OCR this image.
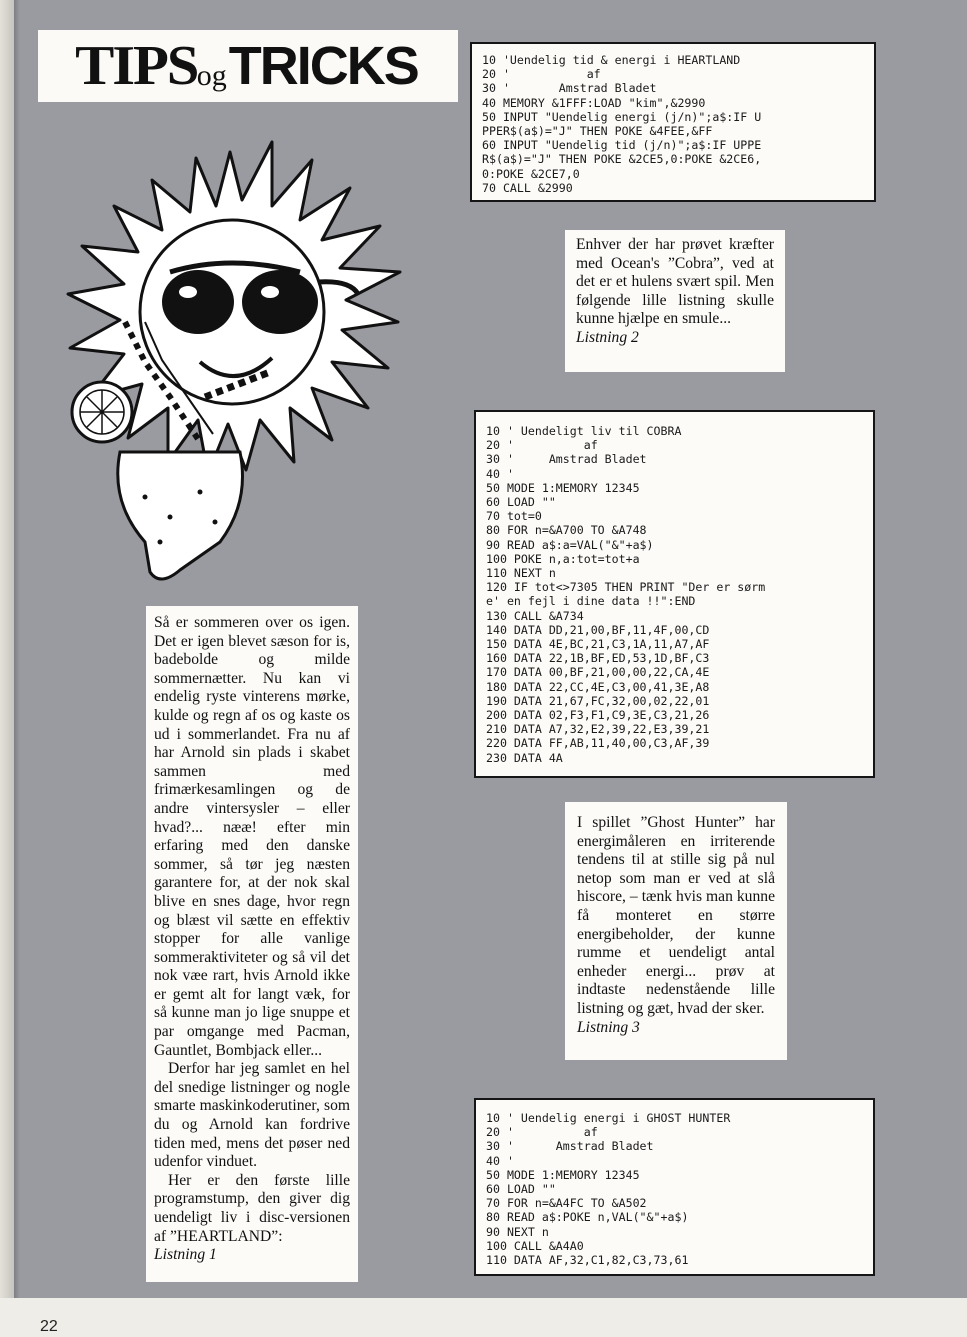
TIPS og TRICKS	10 'Uendelig tid & energi i HEARTLAND
20 '           af
30 '       Amstrad Bladet
40 MEMORY &1FFF:LOAD "kim",&2990
50 INPUT "Uendelig energi (j/n)";a$:IF U
PPER$(a$)="J" THEN POKE &4FEE,&FF
60 INPUT "Uendelig tid (j/n)";a$:IF UPPE
R$(a$)="J" THEN POKE &2CE5,0:POKE &2CE6,
0:POKE &2CE7,0
70 CALL &2990

Enhver der har prøvet kræfter med Ocean's ”Cobra”, ved at det er et hulens svært spil. Men følgende lille listning skulle kunne hjælpe en smule...

Listning 2
10 ' Uendeligt liv til COBRA
20 '          af
30 '     Amstrad Bladet
40 '
50 MODE 1:MEMORY 12345
60 LOAD ""
70 tot=0
80 FOR n=&A700 TO &A748
90 READ a$:a=VAL("&"+a$)
100 POKE n,a:tot=tot+a
110 NEXT n
120 IF tot<>7305 THEN PRINT "Der er sørm
e' en fejl i dine data !!":END
130 CALL &A734
140 DATA DD,21,00,BF,11,4F,00,CD
150 DATA 4E,BC,21,C3,1A,11,A7,AF
160 DATA 22,1B,BF,ED,53,1D,BF,C3
170 DATA 00,BF,21,00,00,22,CA,4E
180 DATA 22,CC,4E,C3,00,41,3E,A8
190 DATA 21,67,FC,32,00,02,22,01
200 DATA 02,F3,F1,C9,3E,C3,21,26
210 DATA A7,32,E2,39,22,E3,39,21
220 DATA FF,AB,11,40,00,C3,AF,39
230 DATA 4A

I spillet ”Ghost Hunter” har energimåleren en irriterende tendens til at stille sig på nul netop som man er ved at slå hiscore, – tænk hvis man kunne få monteret en større energibeholder, der kunne rumme et uendeligt antal enheder energi... prøv at indtaste nedenstående lille listning og gæt, hvad der sker.

Listning 3
10 ' Uendelig energi i GHOST HUNTER
20 '          af
30 '      Amstrad Bladet
40 '
50 MODE 1:MEMORY 12345
60 LOAD ""
70 FOR n=&A4FC TO &A502
80 READ a$:POKE n,VAL("&"+a$)
90 NEXT n
100 CALL &A4A0
110 DATA AF,32,C1,82,C3,73,61

Så er sommeren over os igen. Det er igen blevet sæson for is, badebolde og milde sommernætter. Nu kan vi endelig ryste vinterens mørke, kulde og regn af os og kaste os ud i sommerlandet. Fra nu af har Arnold sin plads i skabet sammen med frimærkesamlingen og de andre vintersysler – eller hvad?... nææ! efter min erfaring med den danske sommer, så tør jeg næsten garantere for, at der nok skal blive en snes dage, hvor regn og blæst vil sætte en effektiv stopper for alle vanlige sommeraktiviteter og så vil det nok væe rart, hvis Arnold ikke er gemt alt for langt væk, for så kunne man jo lige snuppe et par omgange med Pacman, Gauntlet, Bombjack eller...

Derfor har jeg samlet en hel del snedige listninger og nogle smarte maskinkoderutiner, som du og Arnold kan fordrive tiden med, mens det pøser ned udenfor vinduet.

Her er den første lille programstump, den giver dig uendeligt liv i disc-versionen af ”HEARTLAND”:

Listning 1
22
